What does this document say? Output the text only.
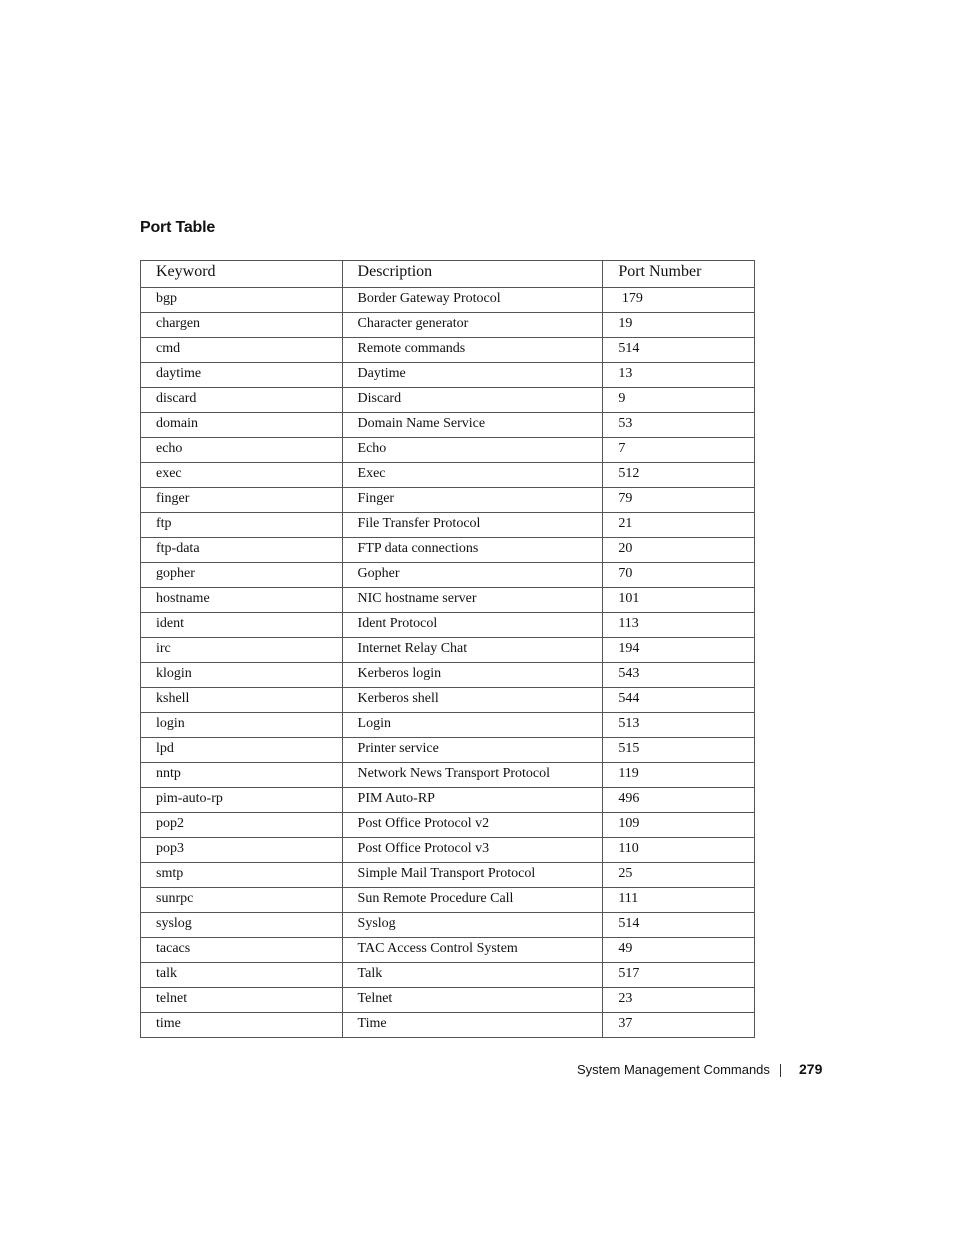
Port Table
Keyword	Description	Port Number
bgp	Border Gateway Protocol	179
chargen	Character generator	19
cmd	Remote commands	514
daytime	Daytime	13
discard	Discard	9
domain	Domain Name Service	53
echo	Echo	7
exec	Exec	512
finger	Finger	79
ftp	File Transfer Protocol	21
ftp-data	FTP data connections	20
gopher	Gopher	70
hostname	NIC hostname server	101
ident	Ident Protocol	113
irc	Internet Relay Chat	194
klogin	Kerberos login	543
kshell	Kerberos shell	544
login	Login	513
lpd	Printer service	515
nntp	Network News Transport Protocol	119
pim-auto-rp	PIM Auto-RP	496
pop2	Post Office Protocol v2	109
pop3	Post Office Protocol v3	110
smtp	Simple Mail Transport Protocol	25
sunrpc	Sun Remote Procedure Call	111
syslog	Syslog	514
tacacs	TAC Access Control System	49
talk	Talk	517
telnet	Telnet	23
time	Time	37
System Management Commands 279
